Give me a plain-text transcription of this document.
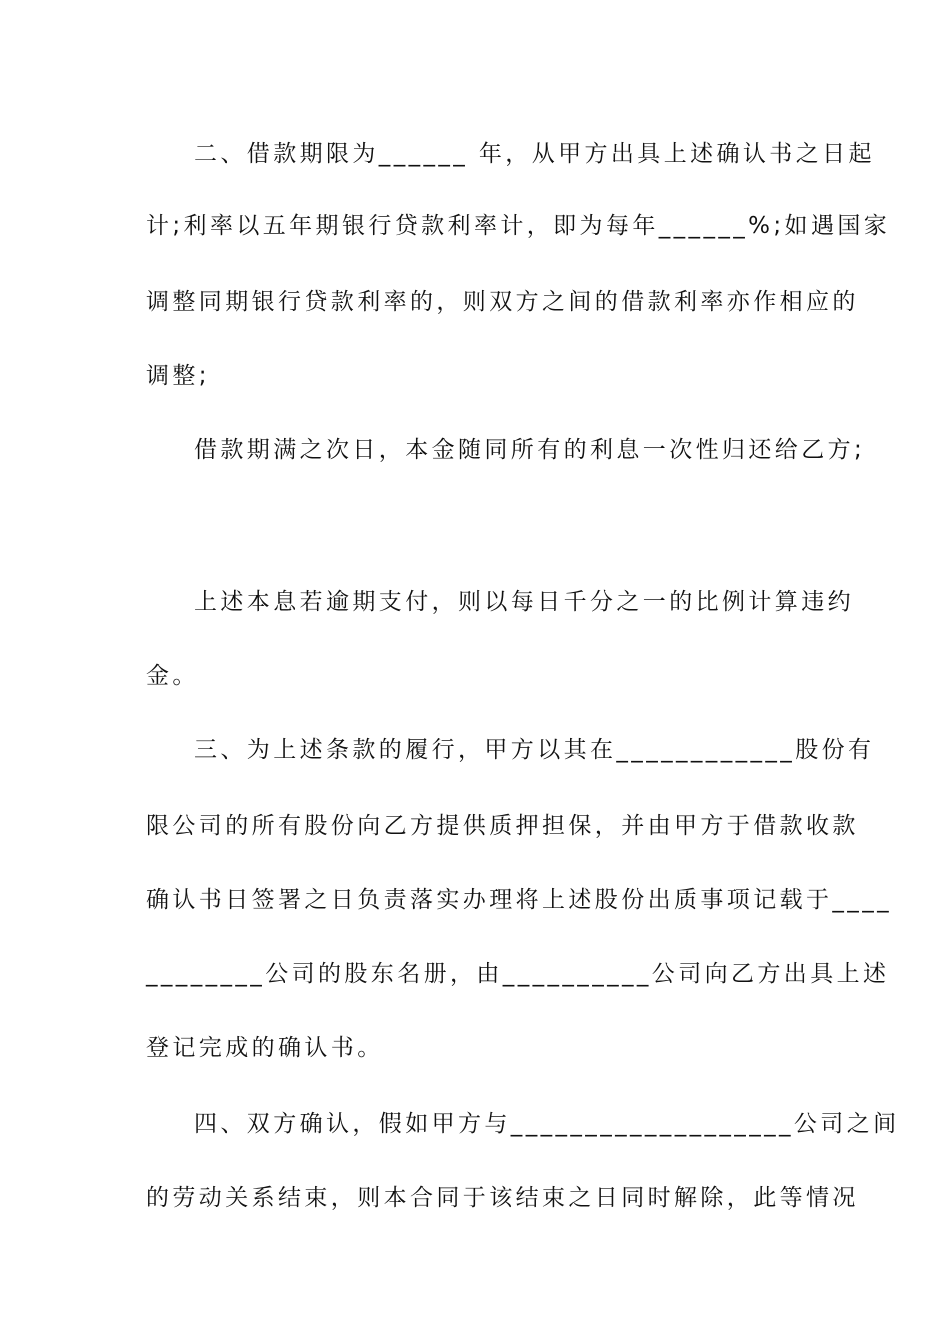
二、借款期限为______ 年，从甲方出具上述确认书之日起
计;利率以五年期银行贷款利率计，即为每年______%;如遇国家
调整同期银行贷款利率的，则双方之间的借款利率亦作相应的
调整;
借款期满之次日，本金随同所有的利息一次性归还给乙方;
上述本息若逾期支付，则以每日千分之一的比例计算违约
金。
三、为上述条款的履行，甲方以其在____________股份有
限公司的所有股份向乙方提供质押担保，并由甲方于借款收款
确认书日签署之日负责落实办理将上述股份出质事项记载于____
________公司的股东名册，由__________公司向乙方出具上述
登记完成的确认书。
四、双方确认，假如甲方与___________________公司之间
的劳动关系结束，则本合同于该结束之日同时解除，此等情况
